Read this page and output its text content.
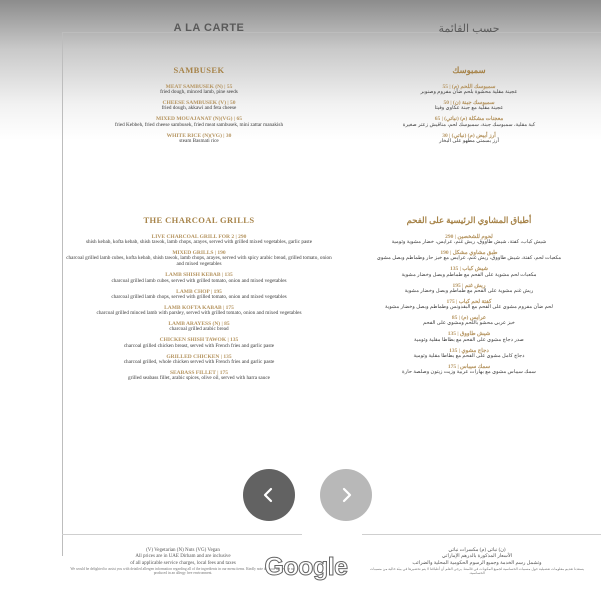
A LA CARTE	حسب القائمة
SAMBUSEK
MEAT SAMBUSEK (N) | 55
fried dough, minced lamb, pine seeds
CHEESE SAMBUSEK (V) | 50
fried dough, akkawi and feta cheese
MIXED MOUAJANAT (N)(VG) | 65
fried Kebbeh, fried cheese sambusek, fried meat sambusek, mini zattar manakish
WHITE RICE (N)(VG) | 30
steam Basmati rice
THE CHARCOAL GRILLS
LIVE CHARCOAL GRILL FOR 2 | 290
shish kebab, kofta kebab, shish tawok, lamb chops, arayes, served with grilled mixed vegetables, garlic paste
MIXED GRILLS | 190
charcoal grilled lamb cubes, kofta kebab, shish tawok, lamb chops, arayes, served with spicy arabic bread, grilled tomato, onion and mixed vegetables
LAMB SHISH KEBAB | 135
charcoal grilled lamb cubes, served with grilled tomato, onion and mixed vegetables
LAMB CHOP | 195
charcoal grilled lamb chops, served with grilled tomato, onion and mixed vegetables
LAMB KOFTA KABAB | 175
charcoal grilled minced lamb with parsley, served with grilled tomato, onion and mixed vegetables
LAMB ARAYESS (N) | 85
charcoal grilled arabic bread
CHICKEN SHISH TAWOK | 135
charcoal grilled chicken breast, served with French fries and garlic paste
GRILLED CHICKEN | 135
charcoal grilled, whole chicken served with French fries and garlic paste
SEABASS FILLET | 175
grilled seabass fillet, arabic spices, olive oil, served with harra sauce
سمبوسك
سمبوسك اللحم (م) | 55
عجينة مقلية محشوة بلحم ضأن مفروم وصنوبر
سمبوسك جبنة (ن) | 50
عجينة مقلية مع جبنة عكاوي وفيتا
معجنات مشكلة (م) (نباتي) | 65
كبة مقلية، سمبوسك جبنة، سمبوسك لحم، مناقيش زعتر صغيرة
أرز أبيض (م) (نباتي) | 30
أرز بسمتي مطهو على البخار
أطباق المشاوي الرئيسية على الفحم
لحوم للشخصين | 290
شيش كباب، كفتة، شيش طاووق، ريش غنم، عرايس، خضار مشوية وثومية
طبق مشاوي مشكل | 190
مكعبات لحم، كفتة، شيش طاووق، ريش غنم، عرايس مع خبز حار وطماطم وبصل مشوي
شيش كباب | 135
مكعبات لحم مشوية على الفحم مع طماطم وبصل وخضار مشوية
ريش غنم | 195
ريش غنم مشوية على الفحم مع طماطم وبصل وخضار مشوية
كفتة لحم كباب | 175
لحم ضأن مفروم مشوي على الفحم مع البقدونس وطماطم وبصل وخضار مشوية
عرايس (م) | 85
خبز عربي محشو باللحم ومشوي على الفحم
شيش طاووق | 135
صدر دجاج مشوي على الفحم مع بطاطا مقلية وثومية
دجاج مشوي | 135
دجاج كامل مشوي على الفحم مع بطاطا مقلية وثومية
سمك سيباس | 175
سمك سيباس مشوي مع بهارات عربية وزيت زيتون وصلصة حارة
(V) Vegetarian (N) Nuts (VG) Vegan
All prices are in UAE Dirham and are inclusive
of all applicable service charges, local fees and taxes
We would be delighted to assist you with detailed allergen information regarding all of the ingredients in our menu items. Kindly note that our dishes are not produced in an allergy free environment.
(ن) نباتي (م) مكسرات نباتي
الأسعار المذكورة بالدرهم الإماراتي
وتشمل رسم الخدمة وجميع الرسوم الحكومية المحلية والضرائب
يسعدنا تقديم معلومات تفصيلية حول مسببات الحساسية لجميع المكونات في قائمتنا. يرجى العلم أن أطباقنا لا يتم تحضيرها في بيئة خالية من مسببات الحساسية.
Google
